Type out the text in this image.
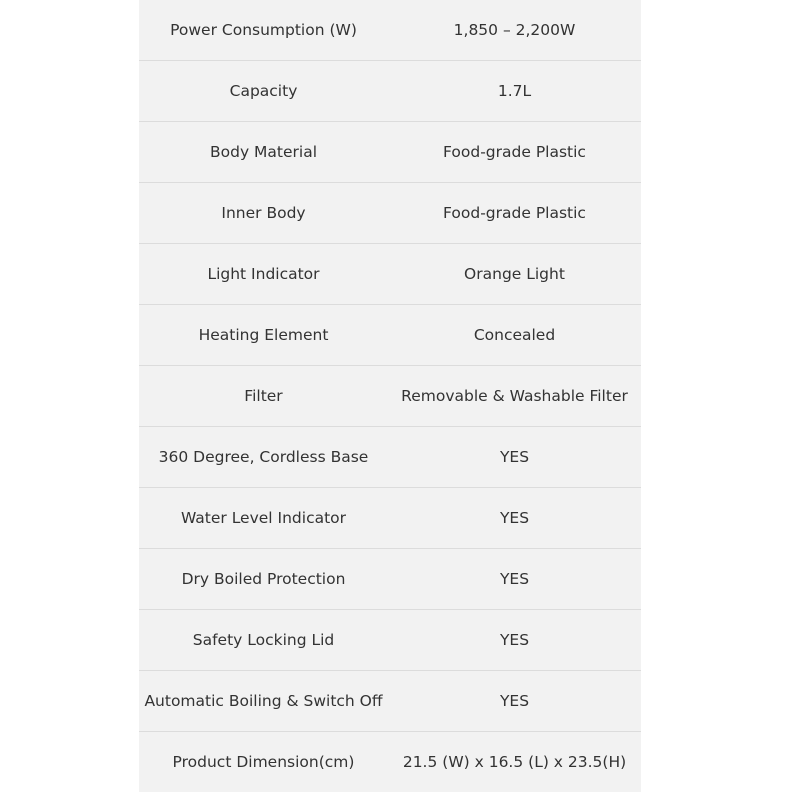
Power Consumption (W)	1,850 – 2,200W
Capacity	1.7L
Body Material	Food-grade Plastic
Inner Body	Food-grade Plastic
Light Indicator	Orange Light
Heating Element	Concealed
Filter	Removable & Washable Filter
360 Degree, Cordless Base	YES
Water Level Indicator	YES
Dry Boiled Protection	YES
Safety Locking Lid	YES
Automatic Boiling & Switch Off	YES
Product Dimension(cm)	21.5 (W) x 16.5 (L) x 23.5(H)
